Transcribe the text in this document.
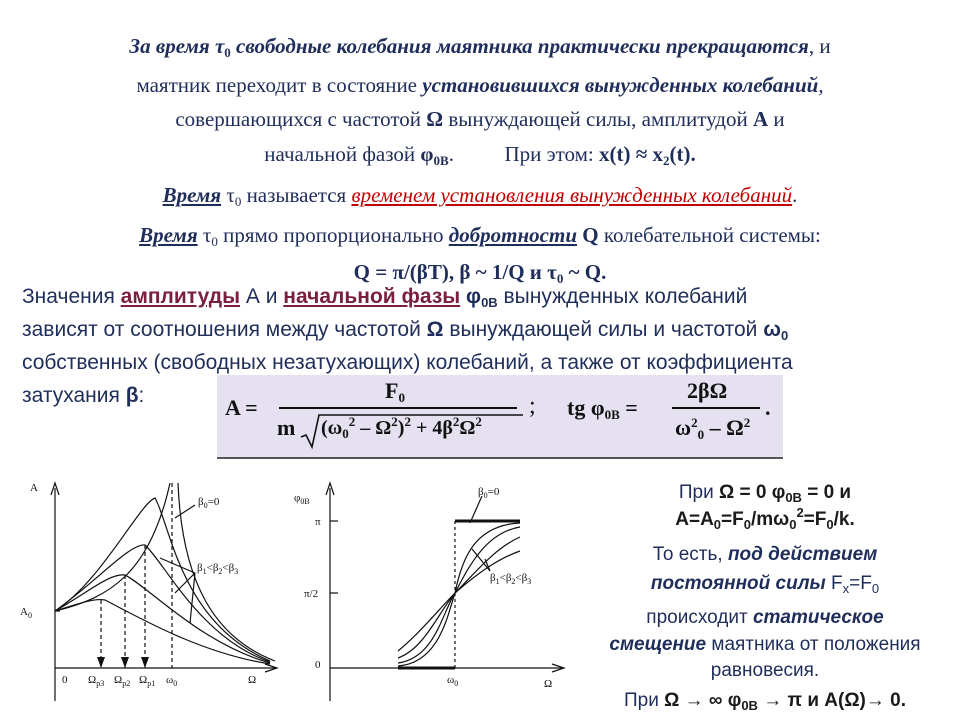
За время $\tau_0$ свободные колебания маятника практически прекращаются, и
маятник переходит в состояние установившихся вынужденных колебаний,
совершающихся с частотой Ω вынуждающей силы, амплитудой A и
начальной фазой $\varphi_{0B}$. При этом: $x(t) \approx x_2(t)$.
Время $\tau_0$ называется временем установления вынужденных колебаний.
Время $\tau_0$ прямо пропорционально добротности Q колебательной системы:
Q = π/(βT), β ~ 1/Q и $\tau_0$ ~ Q.
Значения амплитуды А и начальной фазы $\varphi_{0B}$ вынужденных колебаний
зависят от соотношения между частотой Ω вынуждающей силы и частотой $\omega_0$
собственных (свободных незатухающих) колебаний, а также от коэффициента
затухания β:	A =
$F_0$
m $(\omega_0^2 - \Omega^2)^2 + 4\beta^2\Omega^2$
; tg $\varphi_{0B}$ =
2βΩ
$\omega^2_0 - \Omega^2$
.
A
$A_0$
0
$\beta_0=0$
$\beta_1<\beta_2<\beta_3$
$\Omega_{p3}$ $\Omega_{p2}$ $\Omega_{p1}$ $\omega_0$	Ω
$\varphi_{0B}$
π
π/2
0
$\omega_0$	Ω
$\beta_0=0$
$\beta_1<\beta_2<\beta_3$
При Ω = 0 $\varphi_{0B} = 0$ и
$A=A_0=F_0/m\omega_0^2=F_0/k$.
То есть, под действием
постоянной силы $F_x=F_0$
происходит статическое
смещение маятника от положения
равновесия.
При Ω → ∞ $\varphi_{0B} \to \pi$ и A(Ω)→ 0.
